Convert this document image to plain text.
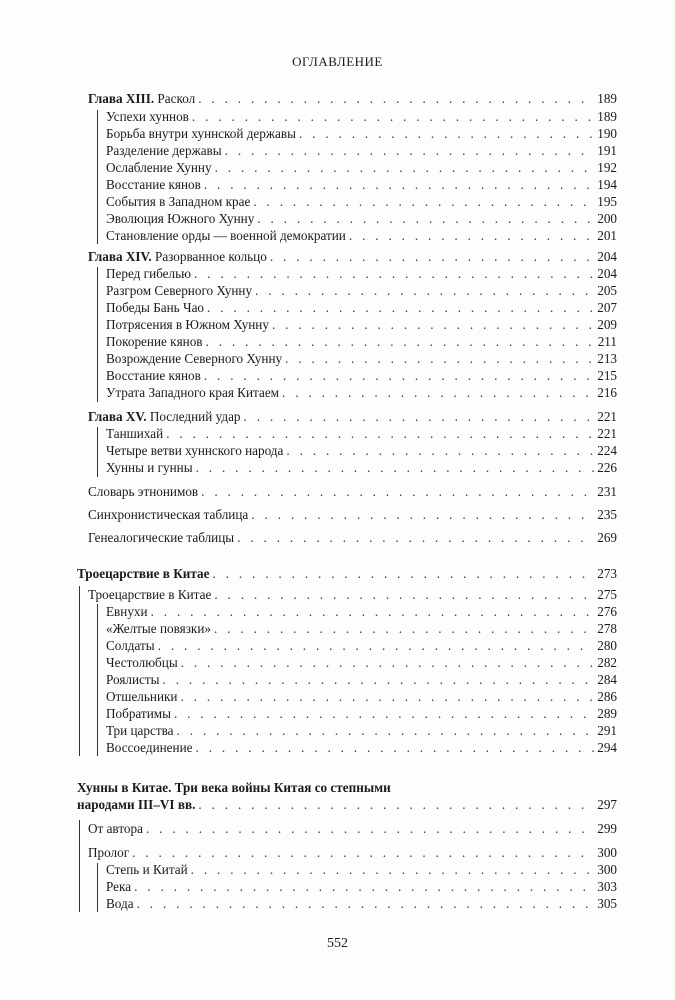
ОГЛАВЛЕНИЕ
Глава XIII. Раскол . . .	189
Успехи хуннов . . .	189
Борьба внутри хуннской державы . . .	190
Разделение державы . . .	191
Ослабление Хунну . . .	192
Восстание кянов . . .	194
События в Западном крае . . .	195
Эволюция Южного Хунну . . .	200
Становление орды — военной демократии . . .	201
Глава XIV. Разорванное кольцо . . .	204
Перед гибелью . . .	204
Разгром Северного Хунну . . .	205
Победы Бань Чао . . .	207
Потрясения в Южном Хунну . . .	209
Покорение кянов . . .	211
Возрождение Северного Хунну . . .	213
Восстание кянов . . .	215
Утрата Западного края Китаем . . .	216
Глава XV. Последний удар . . .	221
Таншихай . . .	221
Четыре ветви хуннского народа . . .	224
Хунны и гунны . . .	226
Словарь этнонимов . . .	231
Синхронистическая таблица . . .	235
Генеалогические таблицы . . .	269
Троецарствие в Китае . . .	273
Троецарствие в Китае . . .	275
Евнухи . . .	276
«Желтые повязки» . . .	278
Солдаты . . .	280
Честолюбцы . . .	282
Роялисты . . .	284
Отшельники . . .	286
Побратимы . . .	289
Три царства . . .	291
Воссоединение . . .	294
Хунны в Китае. Три века войны Китая со степными
народами III–VI вв. . . .	297
От автора . . .	299
Пролог . . .	300
Степь и Китай . . .	300
Река . . .	303
Вода . . .	305
552
